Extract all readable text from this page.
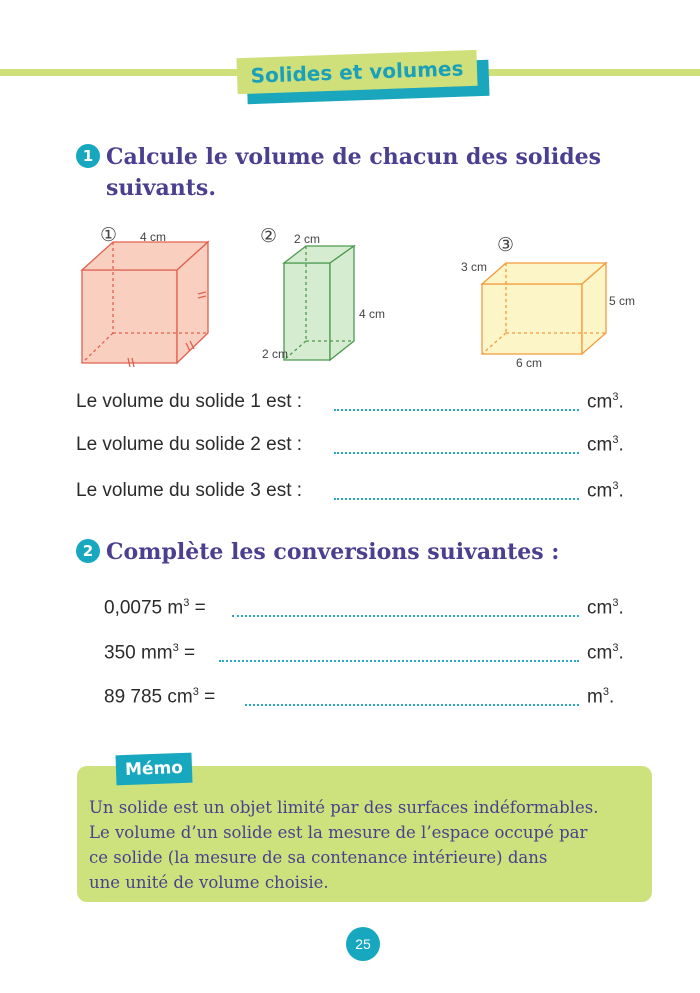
Solides et volumes
1 Calcule le volume de chacun des solides
suivants.
① 4 cm	② 2 cm
4 cm
2 cm
③
3 cm
5 cm
6 cm
Le volume du solide 1 est :	$cm^3$.
Le volume du solide 2 est :	$cm^3$.
Le volume du solide 3 est :	$cm^3$.
2 Complète les conversions suivantes :
0,0075 $m^3$ =	$cm^3$.
350 $mm^3$ =	$cm^3$.
89 785 $cm^3$ =	$m^3$.
Mémo
Un solide est un objet limité par des surfaces indéformables.
Le volume d’un solide est la mesure de l’espace occupé par
ce solide (la mesure de sa contenance intérieure) dans
une unité de volume choisie.
25
